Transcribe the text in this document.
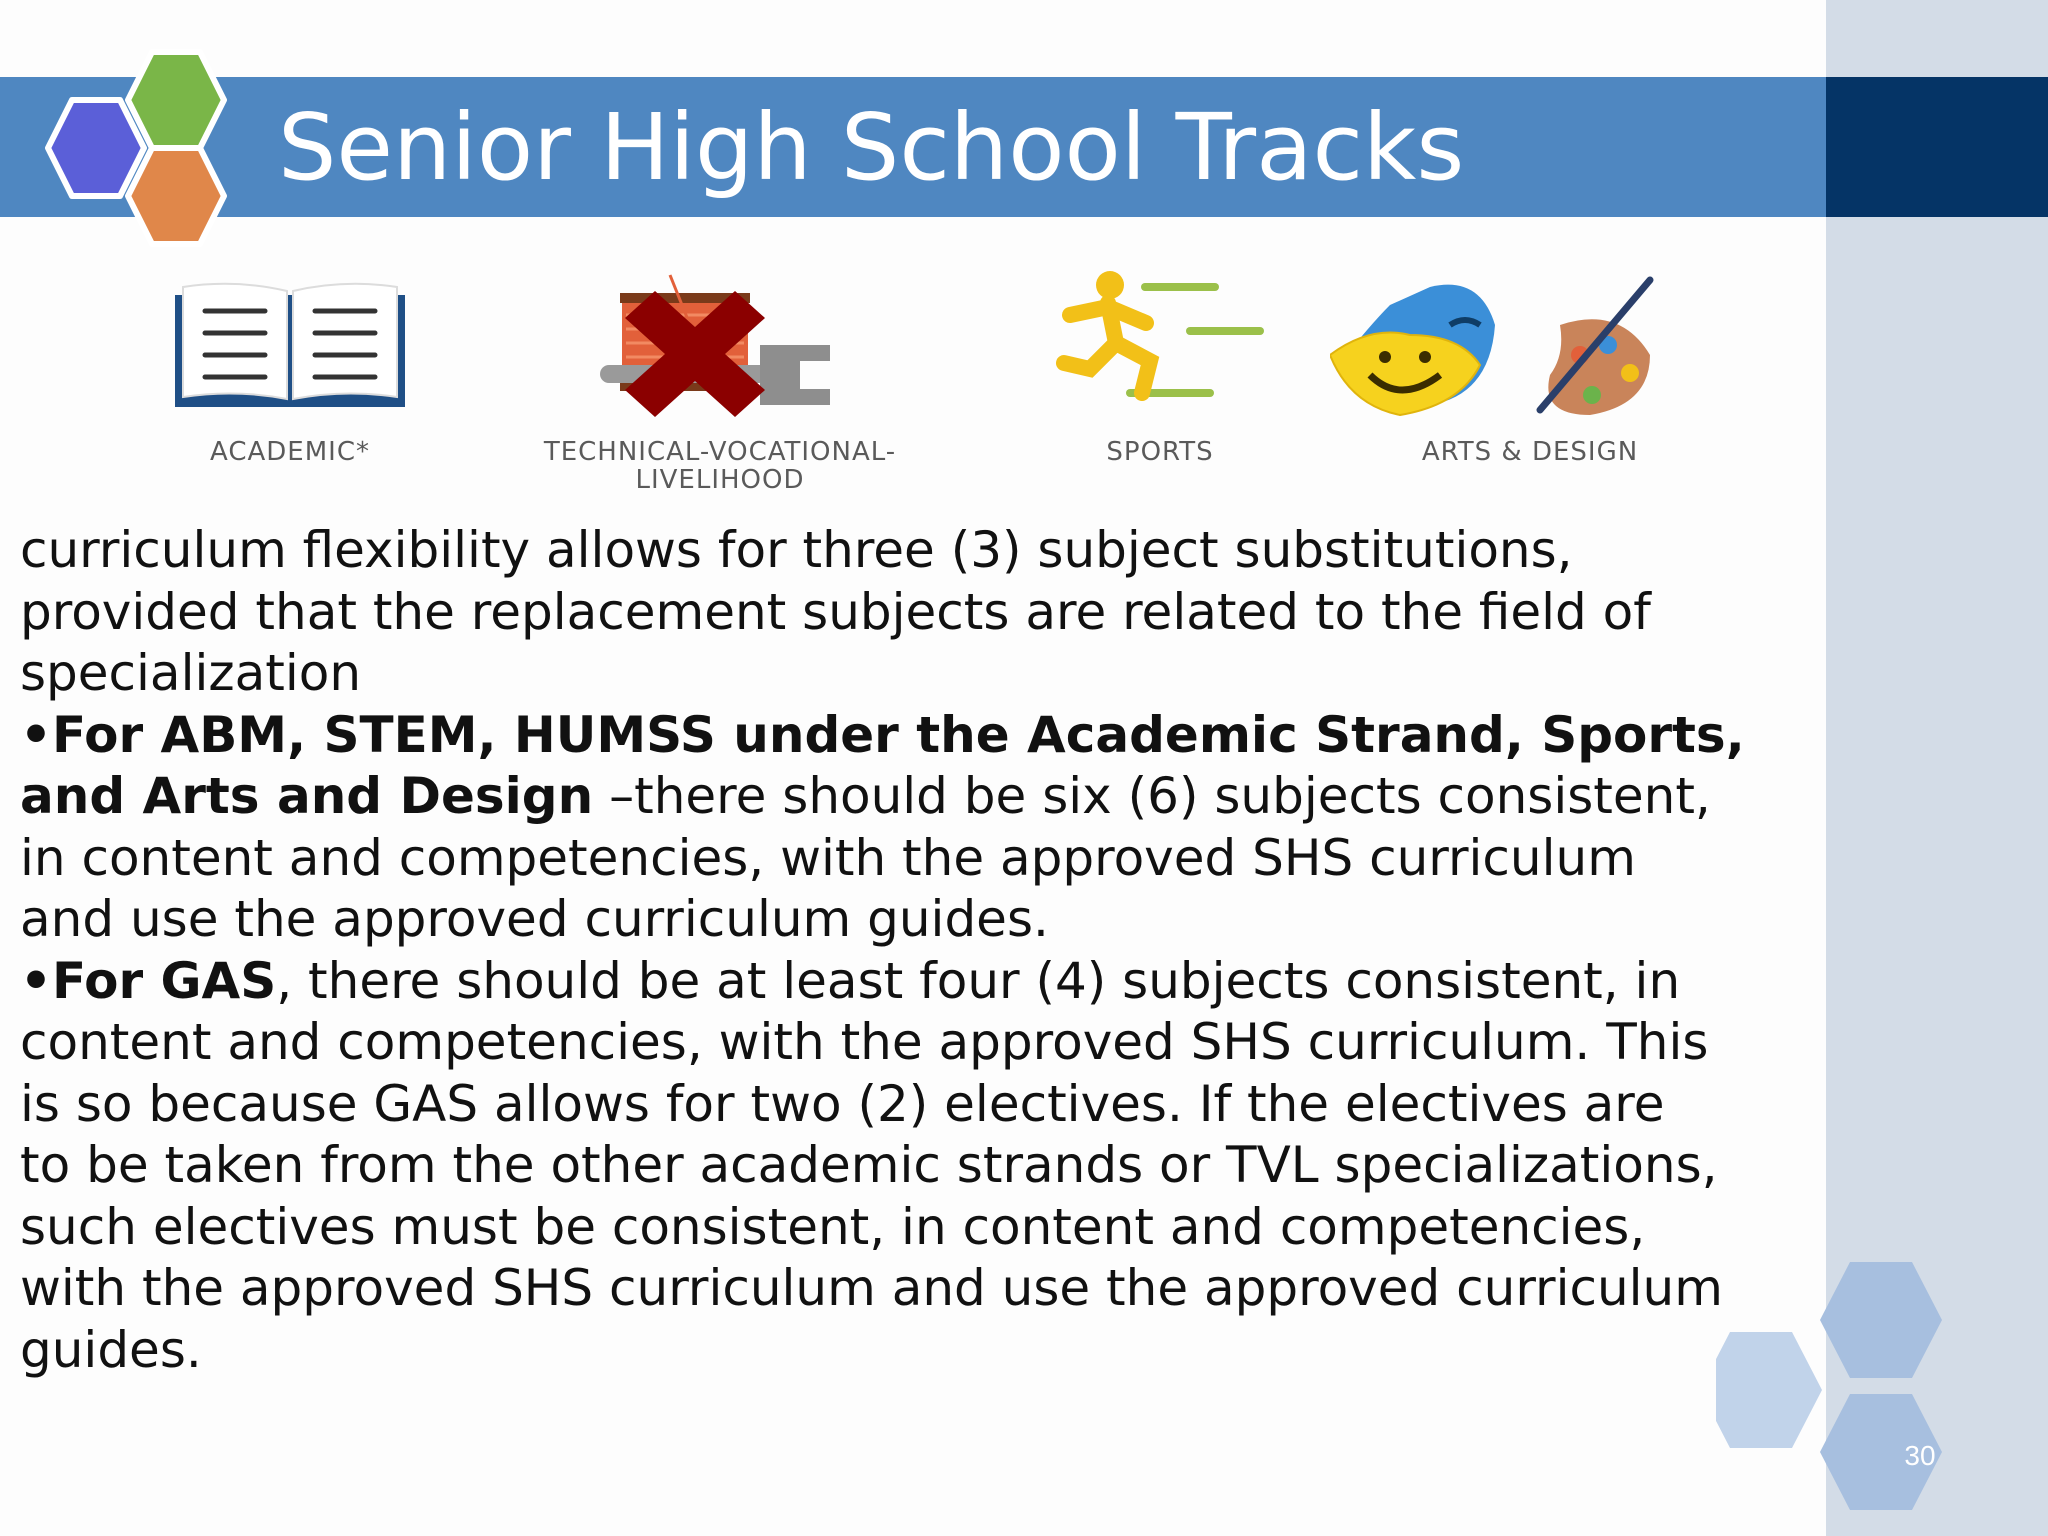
Senior High School Tracks
ACADEMIC*	TECHNICAL-VOCATIONAL-
LIVELIHOOD
SPORTS	ARTS & DESIGN

curriculum flexibility allows for three (3) subject substitutions,
provided that the replacement subjects are related to the field of
specialization

•For ABM, STEM, HUMSS under the Academic Strand, Sports,
and Arts and Design –there should be six (6) subjects consistent,
in content and competencies, with the approved SHS curriculum
and use the approved curriculum guides.

•For GAS, there should be at least four (4) subjects consistent, in
content and competencies, with the approved SHS curriculum. This
is so because GAS allows for two (2) electives. If the electives are
to be taken from the other academic strands or TVL specializations,
such electives must be consistent, in content and competencies,
with the approved SHS curriculum and use the approved curriculum
guides.

30
